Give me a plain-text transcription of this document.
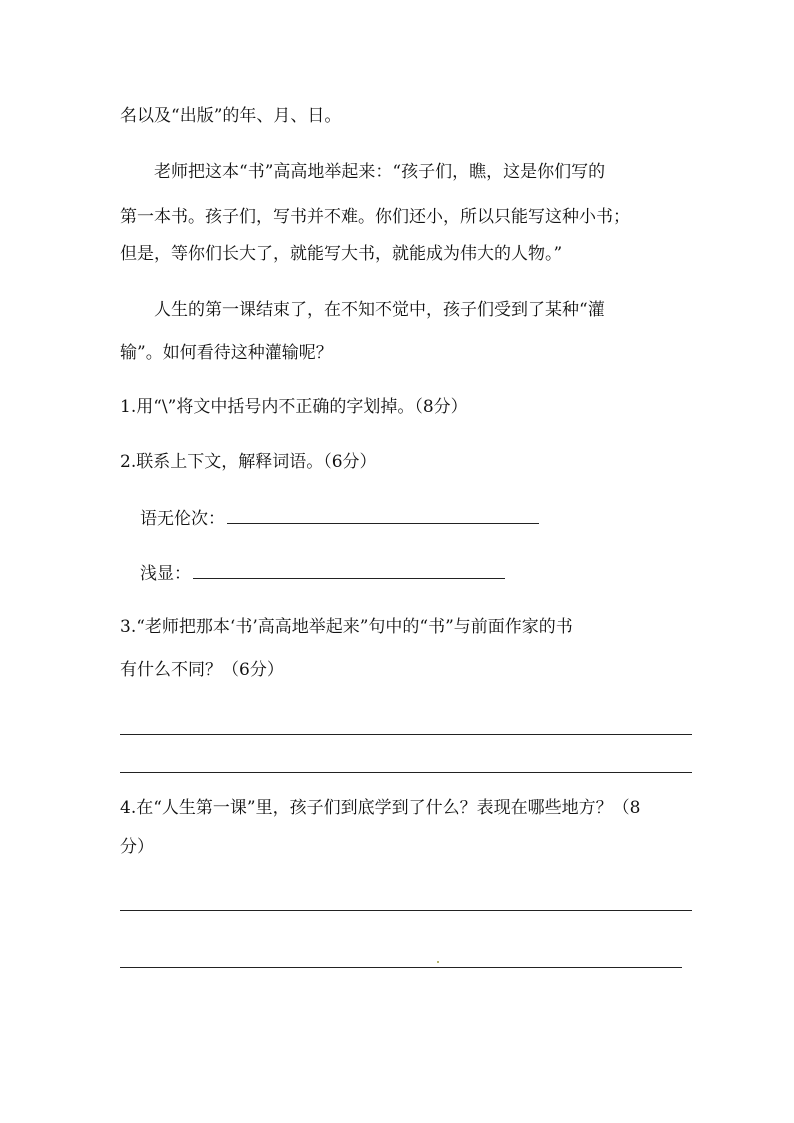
名以及“出版”的年、月、日。
老师把这本“书”高高地举起来：“孩子们，瞧，这是你们写的
第一本书。孩子们，写书并不难。你们还小，所以只能写这种小书；
但是，等你们长大了，就能写大书，就能成为伟大的人物。”
人生的第一课结束了，在不知不觉中，孩子们受到了某种“灌
输”。如何看待这种灌输呢？
1.用“\”将文中括号内不正确的字划掉。（8分）
2.联系上下文，解释词语。（6分）
语无伦次：
浅显：
3.“老师把那本‘书’高高地举起来”句中的“书”与前面作家的书
有什么不同？（6分）
4.在“人生第一课”里，孩子们到底学到了什么？表现在哪些地方？（8
分）
